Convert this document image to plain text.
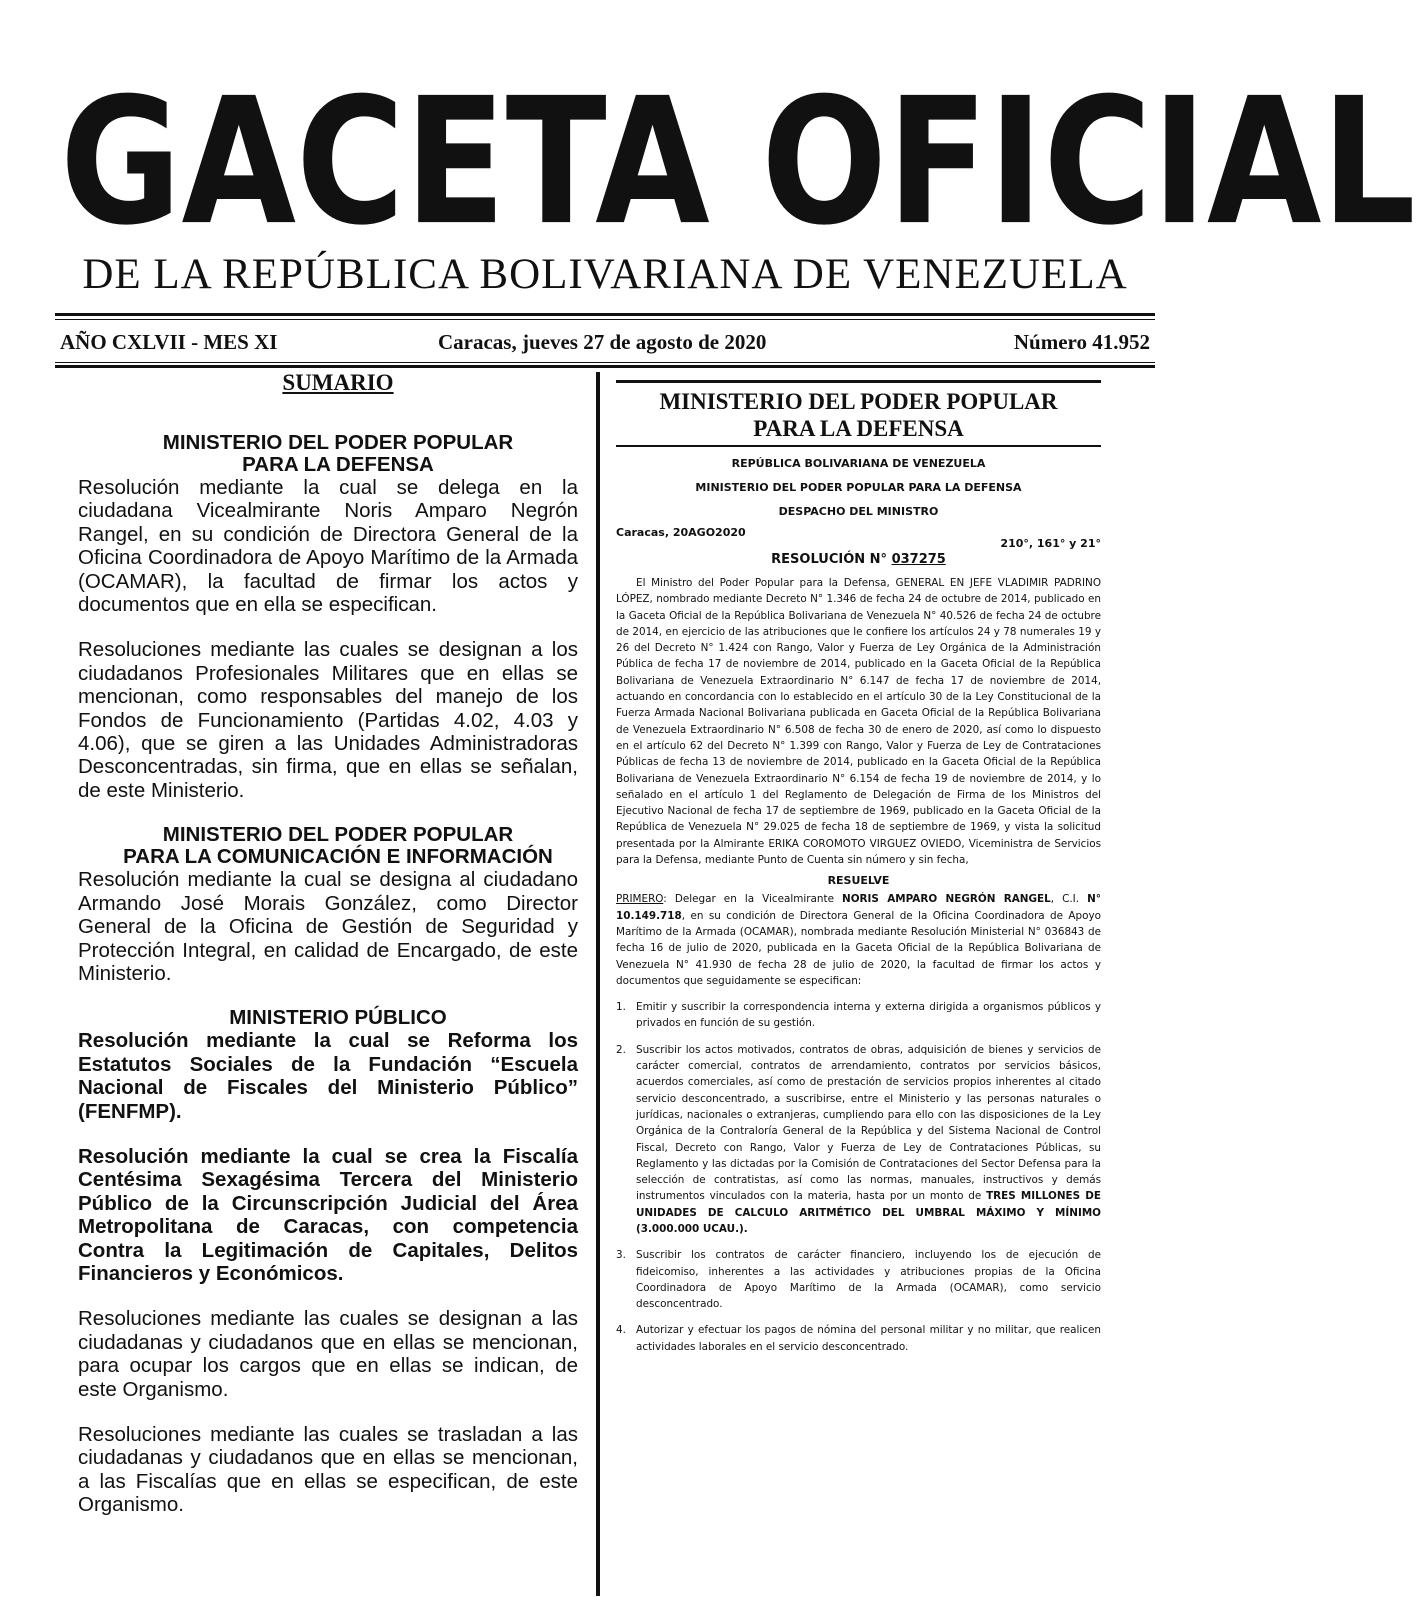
GACETA OFICIAL
DE LA REPÚBLICA BOLIVARIANA DE VENEZUELA
AÑO CXLVII - MES XI	Caracas, jueves 27 de agosto de 2020	Número 41.952
SUMARIO
MINISTERIO DEL PODER POPULAR
PARA LA DEFENSA
Resolución mediante la cual se delega en la ciudadana Vicealmirante Noris Amparo Negrón Rangel, en su condición de Directora General de la Oficina Coordinadora de Apoyo Marítimo de la Armada (OCAMAR), la facultad de firmar los actos y documentos que en ella se especifican.
Resoluciones mediante las cuales se designan a los ciudadanos Profesionales Militares que en ellas se mencionan, como responsables del manejo de los Fondos de Funcionamiento (Partidas 4.02, 4.03 y 4.06), que se giren a las Unidades Administradoras Desconcentradas, sin firma, que en ellas se señalan, de este Ministerio.
MINISTERIO DEL PODER POPULAR
PARA LA COMUNICACIÓN E INFORMACIÓN
Resolución mediante la cual se designa al ciudadano Armando José Morais González, como Director General de la Oficina de Gestión de Seguridad y Protección Integral, en calidad de Encargado, de este Ministerio.
MINISTERIO PÚBLICO
Resolución mediante la cual se Reforma los Estatutos Sociales de la Fundación “Escuela Nacional de Fiscales del Ministerio Público” (FENFMP).
Resolución mediante la cual se crea la Fiscalía Centésima Sexagésima Tercera del Ministerio Público de la Circunscripción Judicial del Área Metropolitana de Caracas, con competencia Contra la Legitimación de Capitales, Delitos Financieros y Económicos.
Resoluciones mediante las cuales se designan a las ciudadanas y ciudadanos que en ellas se mencionan, para ocupar los cargos que en ellas se indican, de este Organismo.
Resoluciones mediante las cuales se trasladan a las ciudadanas y ciudadanos que en ellas se mencionan, a las Fiscalías que en ellas se especifican, de este Organismo.
MINISTERIO DEL PODER POPULAR
PARA LA DEFENSA
REPÚBLICA BOLIVARIANA DE VENEZUELA
MINISTERIO DEL PODER POPULAR PARA LA DEFENSA
DESPACHO DEL MINISTRO
Caracas, 20AGO2020
210°, 161° y 21°
RESOLUCIÓN N° 037275
El Ministro del Poder Popular para la Defensa, GENERAL EN JEFE VLADIMIR PADRINO LÓPEZ, nombrado mediante Decreto N° 1.346 de fecha 24 de octubre de 2014, publicado en la Gaceta Oficial de la República Bolivariana de Venezuela N° 40.526 de fecha 24 de octubre de 2014, en ejercicio de las atribuciones que le confiere los artículos 24 y 78 numerales 19 y 26 del Decreto N° 1.424 con Rango, Valor y Fuerza de Ley Orgánica de la Administración Pública de fecha 17 de noviembre de 2014, publicado en la Gaceta Oficial de la República Bolivariana de Venezuela Extraordinario N° 6.147 de fecha 17 de noviembre de 2014, actuando en concordancia con lo establecido en el artículo 30 de la Ley Constitucional de la Fuerza Armada Nacional Bolivariana publicada en Gaceta Oficial de la República Bolivariana de Venezuela Extraordinario N° 6.508 de fecha 30 de enero de 2020, así como lo dispuesto en el artículo 62 del Decreto N° 1.399 con Rango, Valor y Fuerza de Ley de Contrataciones Públicas de fecha 13 de noviembre de 2014, publicado en la Gaceta Oficial de la República Bolivariana de Venezuela Extraordinario N° 6.154 de fecha 19 de noviembre de 2014, y lo señalado en el artículo 1 del Reglamento de Delegación de Firma de los Ministros del Ejecutivo Nacional de fecha 17 de septiembre de 1969, publicado en la Gaceta Oficial de la República de Venezuela N° 29.025 de fecha 18 de septiembre de 1969, y vista la solicitud presentada por la Almirante ERIKA COROMOTO VIRGUEZ OVIEDO, Viceministra de Servicios para la Defensa, mediante Punto de Cuenta sin número y sin fecha,
RESUELVE
PRIMERO: Delegar en la Vicealmirante NORIS AMPARO NEGRÓN RANGEL, C.I. N° 10.149.718, en su condición de Directora General de la Oficina Coordinadora de Apoyo Marítimo de la Armada (OCAMAR), nombrada mediante Resolución Ministerial N° 036843 de fecha 16 de julio de 2020, publicada en la Gaceta Oficial de la República Bolivariana de Venezuela N° 41.930 de fecha 28 de julio de 2020, la facultad de firmar los actos y documentos que seguidamente se especifican:
1. Emitir y suscribir la correspondencia interna y externa dirigida a organismos públicos y privados en función de su gestión.
2. Suscribir los actos motivados, contratos de obras, adquisición de bienes y servicios de carácter comercial, contratos de arrendamiento, contratos por servicios básicos, acuerdos comerciales, así como de prestación de servicios propios inherentes al citado servicio desconcentrado, a suscribirse, entre el Ministerio y las personas naturales o jurídicas, nacionales o extranjeras, cumpliendo para ello con las disposiciones de la Ley Orgánica de la Contraloría General de la República y del Sistema Nacional de Control Fiscal, Decreto con Rango, Valor y Fuerza de Ley de Contrataciones Públicas, su Reglamento y las dictadas por la Comisión de Contrataciones del Sector Defensa para la selección de contratistas, así como las normas, manuales, instructivos y demás instrumentos vinculados con la materia, hasta por un monto de TRES MILLONES DE UNIDADES DE CALCULO ARITMÉTICO DEL UMBRAL MÁXIMO Y MÍNIMO (3.000.000 UCAU.).
3. Suscribir los contratos de carácter financiero, incluyendo los de ejecución de fideicomiso, inherentes a las actividades y atribuciones propias de la Oficina Coordinadora de Apoyo Marítimo de la Armada (OCAMAR), como servicio desconcentrado.
4. Autorizar y efectuar los pagos de nómina del personal militar y no militar, que realicen actividades laborales en el servicio desconcentrado.
